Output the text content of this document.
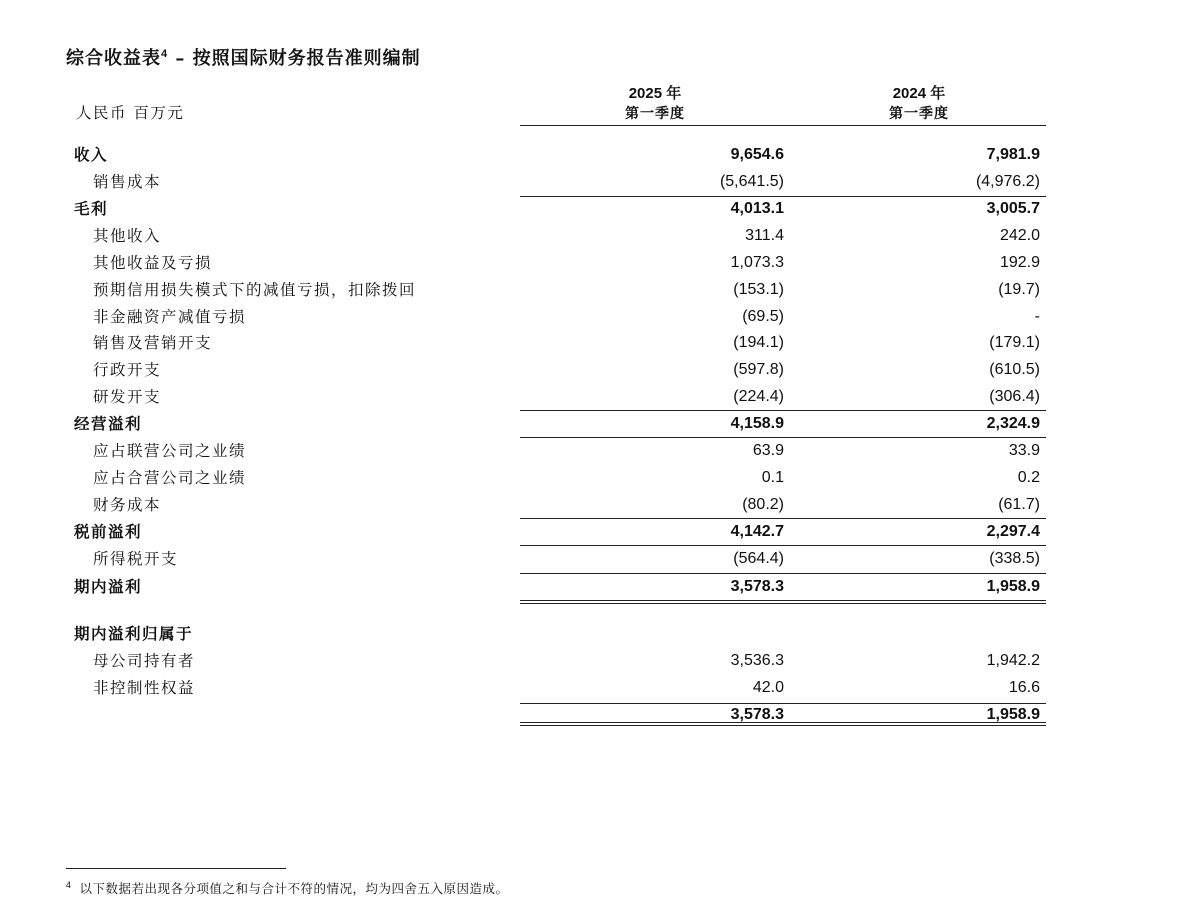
综合收益表$^4$ – 按照国际财务报告准则编制
人民币 百万元
2025 年
第一季度
2024 年
第一季度
收入	9,654.6	7,981.9
销售成本	(5,641.5)	(4,976.2)
毛利	4,013.1	3,005.7
其他收入	311.4	242.0
其他收益及亏损	1,073.3	192.9
预期信用损失模式下的减值亏损，扣除拨回	(153.1)	(19.7)
非金融资产减值亏损	(69.5)	-
销售及营销开支	(194.1)	(179.1)
行政开支	(597.8)	(610.5)
研发开支	(224.4)	(306.4)
经营溢利	4,158.9	2,324.9
应占联营公司之业绩	63.9	33.9
应占合营公司之业绩	0.1	0.2
财务成本	(80.2)	(61.7)
税前溢利	4,142.7	2,297.4
所得税开支	(564.4)	(338.5)
期内溢利	3,578.3	1,958.9
期内溢利归属于
母公司持有者	3,536.3	1,942.2
非控制性权益	42.0	16.6
3,578.3	1,958.9
$^4$ 以下数据若出现各分项值之和与合计不符的情况，均为四舍五入原因造成。
